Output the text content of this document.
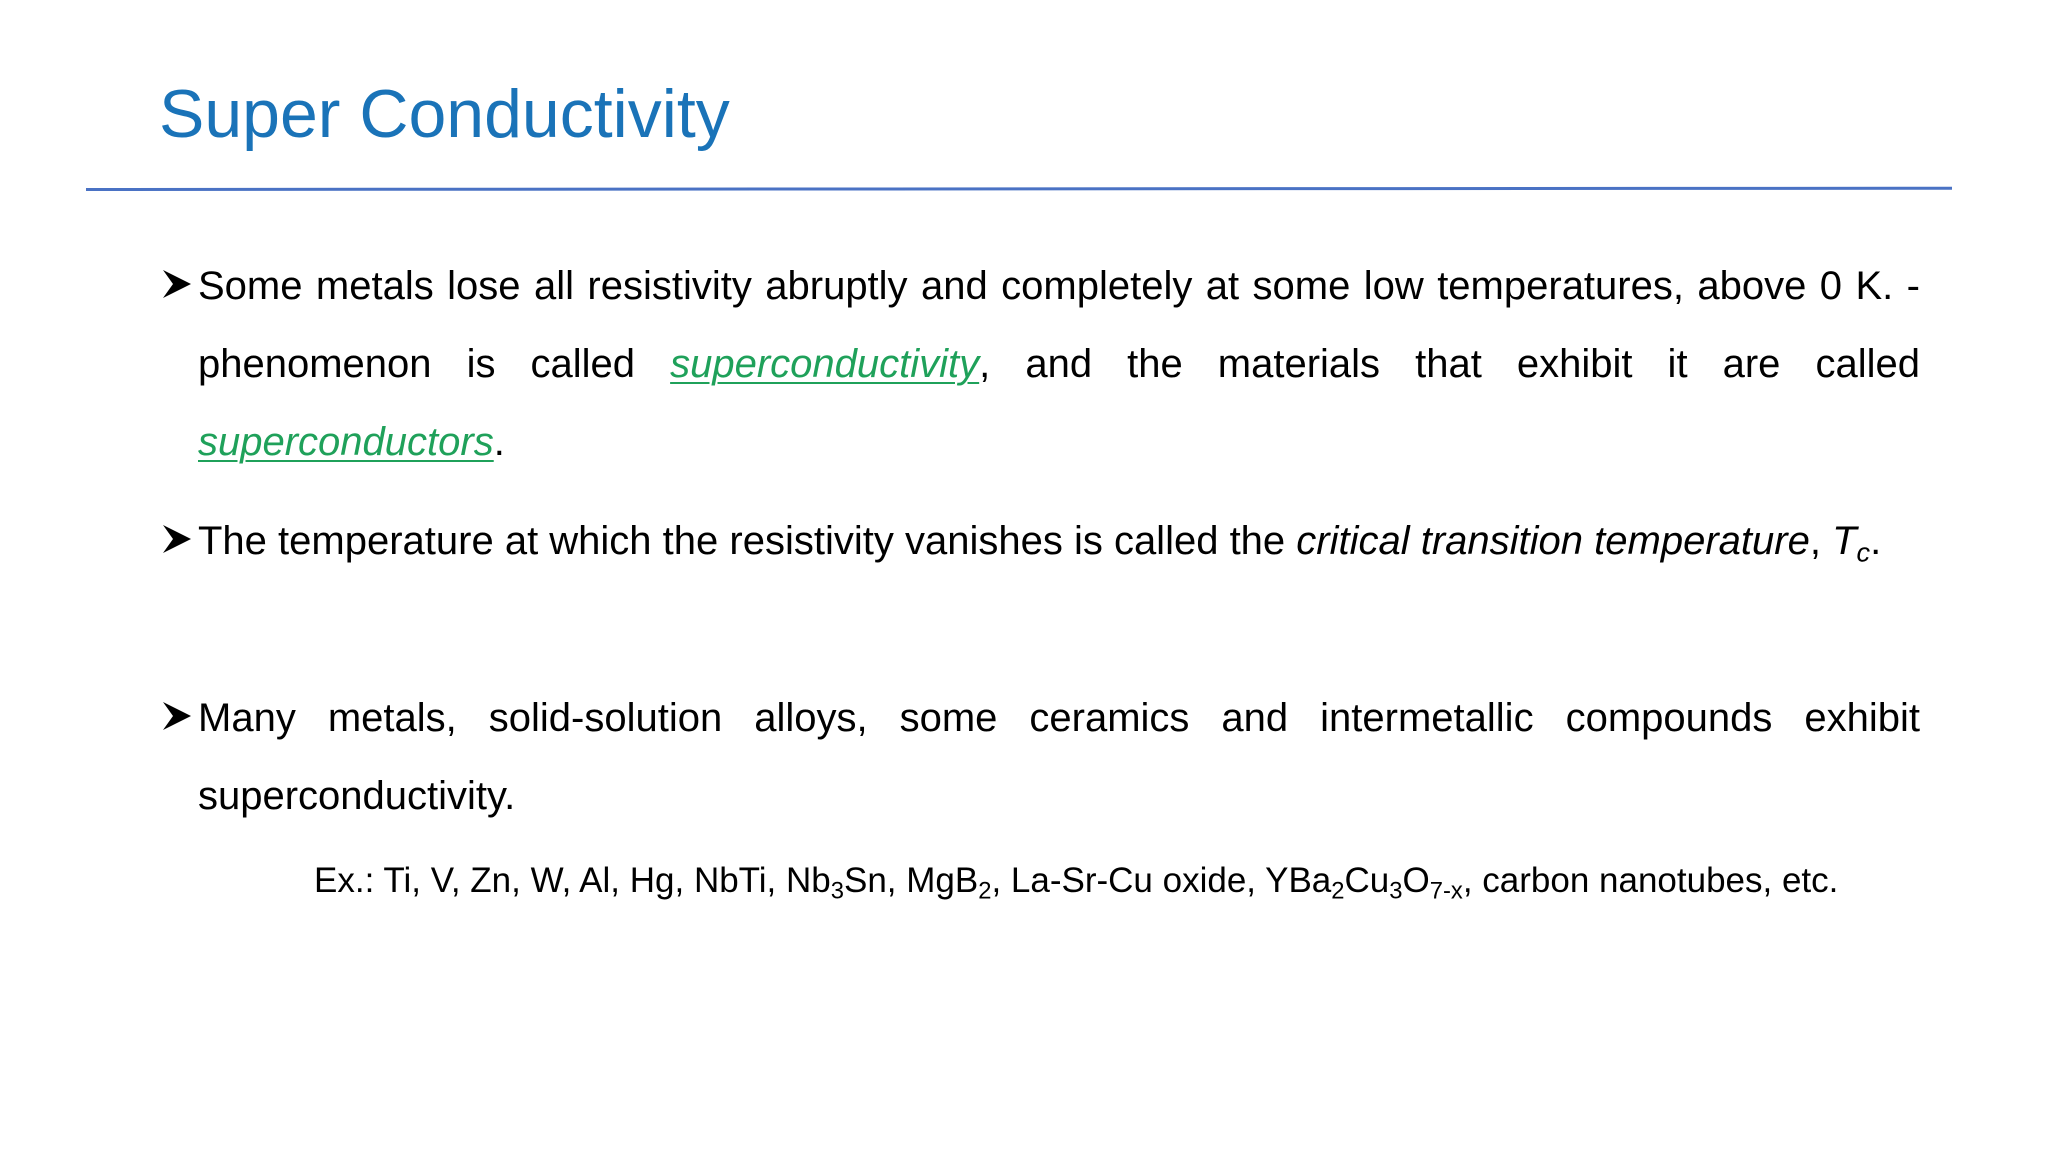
Super Conductivity
Some metals lose all resistivity abruptly and completely at some low temperatures, above 0 K. - phenomenon is called superconductivity, and the materials that exhibit it are called superconductors.
The temperature at which the resistivity vanishes is called the critical transition temperature, $T_c$.
Many metals, solid-solution alloys, some ceramics and intermetallic compounds exhibit superconductivity.
Ex.: Ti, V, Zn, W, Al, Hg, NbTi, $Nb_3Sn$, MgB$_2$, La-Sr-Cu oxide, $YBa_2Cu_3O_{7-x}$, carbon nanotubes, etc.
